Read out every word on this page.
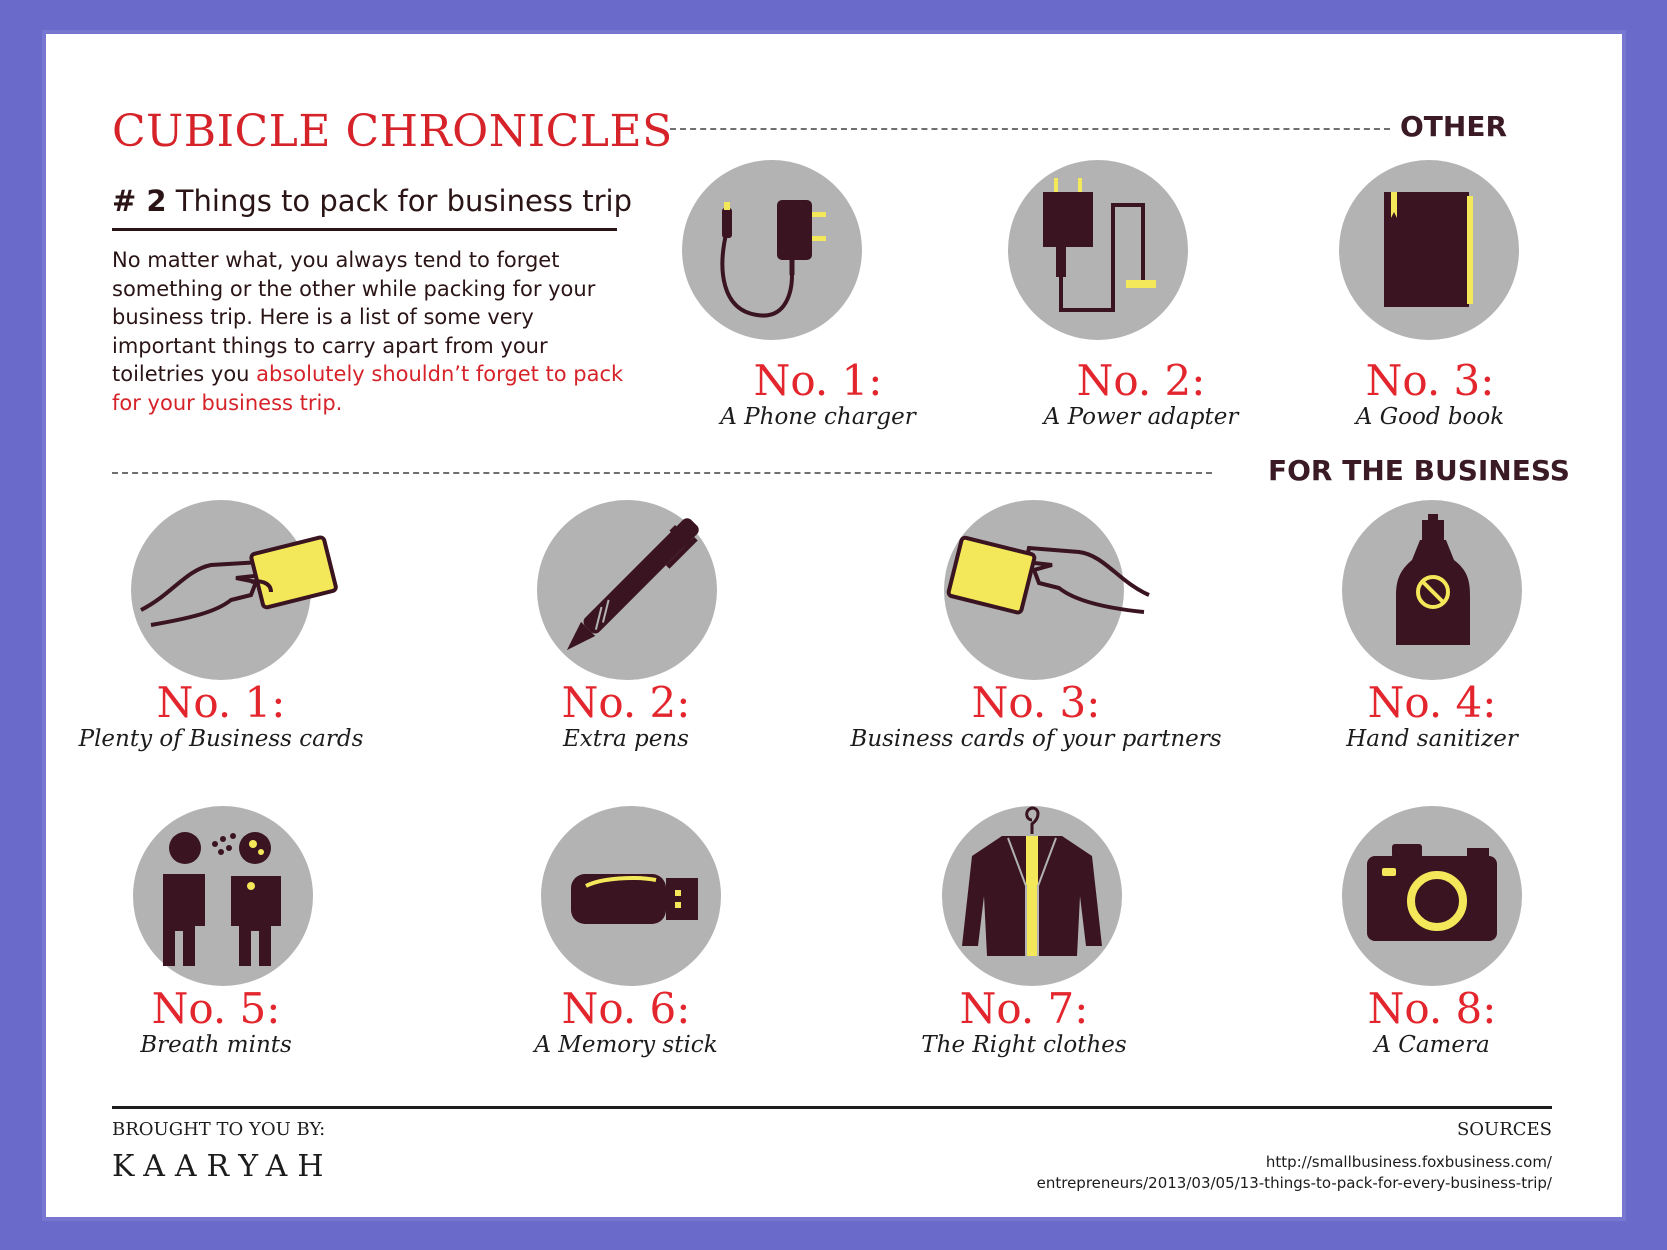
CUBICLE CHRONICLES
# 2 Things to pack for business trip
No matter what, you always tend to forget something or the other while packing for your business trip. Here is a list of some very important things to carry apart from your toiletries you absolutely shouldn’t forget to pack for your business trip.
OTHER
No. 1:
A Phone charger
No. 2:
A Power adapter
No. 3:
A Good book
FOR THE BUSINESS
No. 1:
Plenty of Business cards
No. 2:
Extra pens
No. 3:
Business cards of your partners
No. 4:
Hand sanitizer
No. 5:
Breath mints
No. 6:
A Memory stick
No. 7:
The Right clothes
No. 8:
A Camera
BROUGHT TO YOU BY:
KAARYAH
SOURCES
http://smallbusiness.foxbusiness.com/
entrepreneurs/2013/03/05/13-things-to-pack-for-every-business-trip/
